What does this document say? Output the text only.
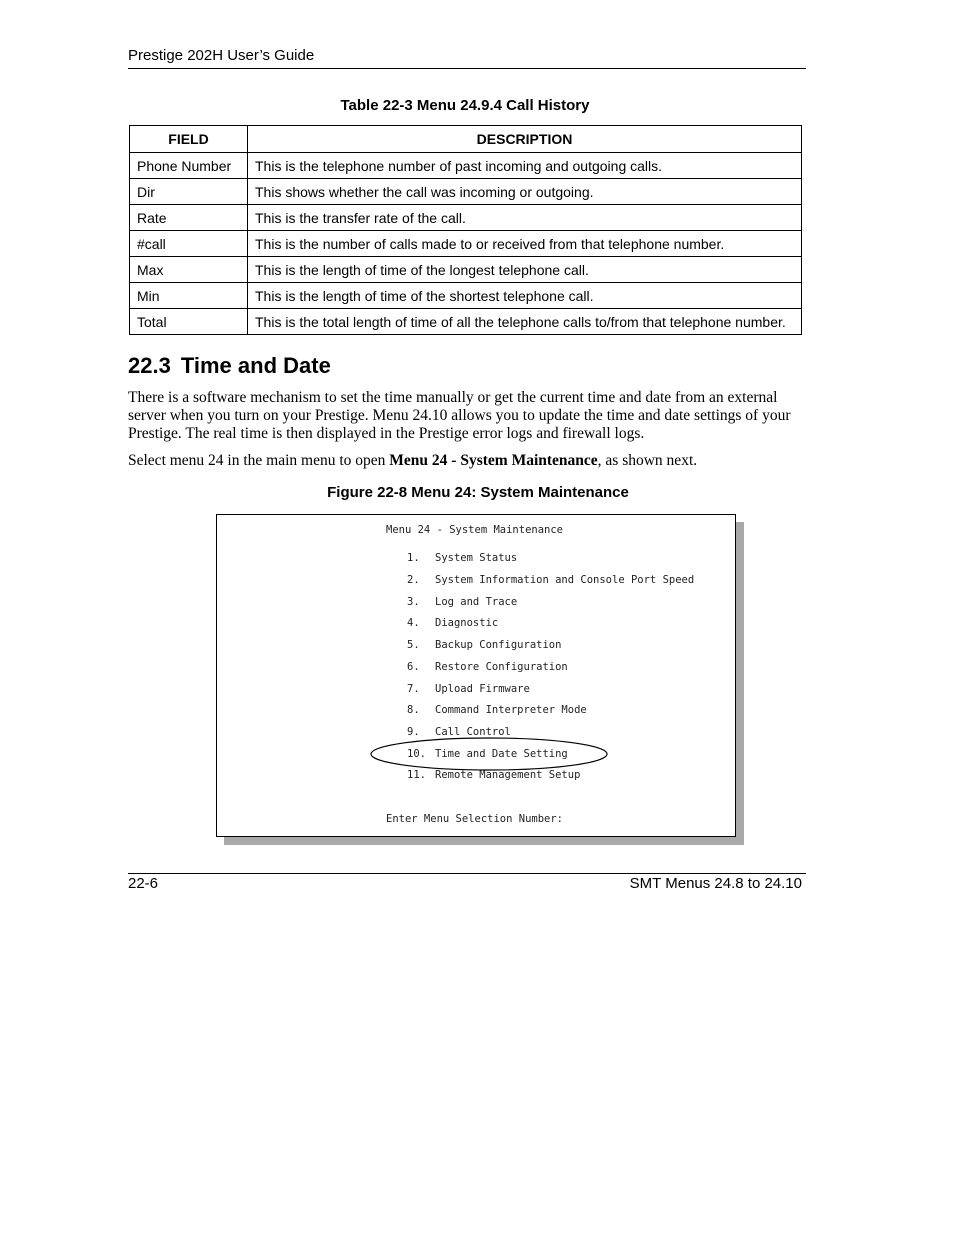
Prestige 202H User’s Guide
Table 22-3 Menu 24.9.4 Call History
FIELD	DESCRIPTION
Phone Number	This is the telephone number of past incoming and outgoing calls.
Dir	This shows whether the call was incoming or outgoing.
Rate	This is the transfer rate of the call.
#call	This is the number of calls made to or received from that telephone number.
Max	This is the length of time of the longest telephone call.
Min	This is the length of time of the shortest telephone call.
Total	This is the total length of time of all the telephone calls to/from that telephone number.
22.3 Time and Date

There is a software mechanism to set the time manually or get the current time and date from an external server when you turn on your Prestige. Menu 24.10 allows you to update the time and date settings of your Prestige. The real time is then displayed in the Prestige error logs and firewall logs.

Select menu 24 in the main menu to open Menu 24 - System Maintenance, as shown next.

Figure 22-8 Menu 24: System Maintenance
Menu 24 - System Maintenance
1. System Status
2. System Information and Console Port Speed
3. Log and Trace
4. Diagnostic
5. Backup Configuration
6. Restore Configuration
7. Upload Firmware
8. Command Interpreter Mode
9. Call Control
10. Time and Date Setting
11. Remote Management Setup
Enter Menu Selection Number:
22-6	SMT Menus 24.8 to 24.10
